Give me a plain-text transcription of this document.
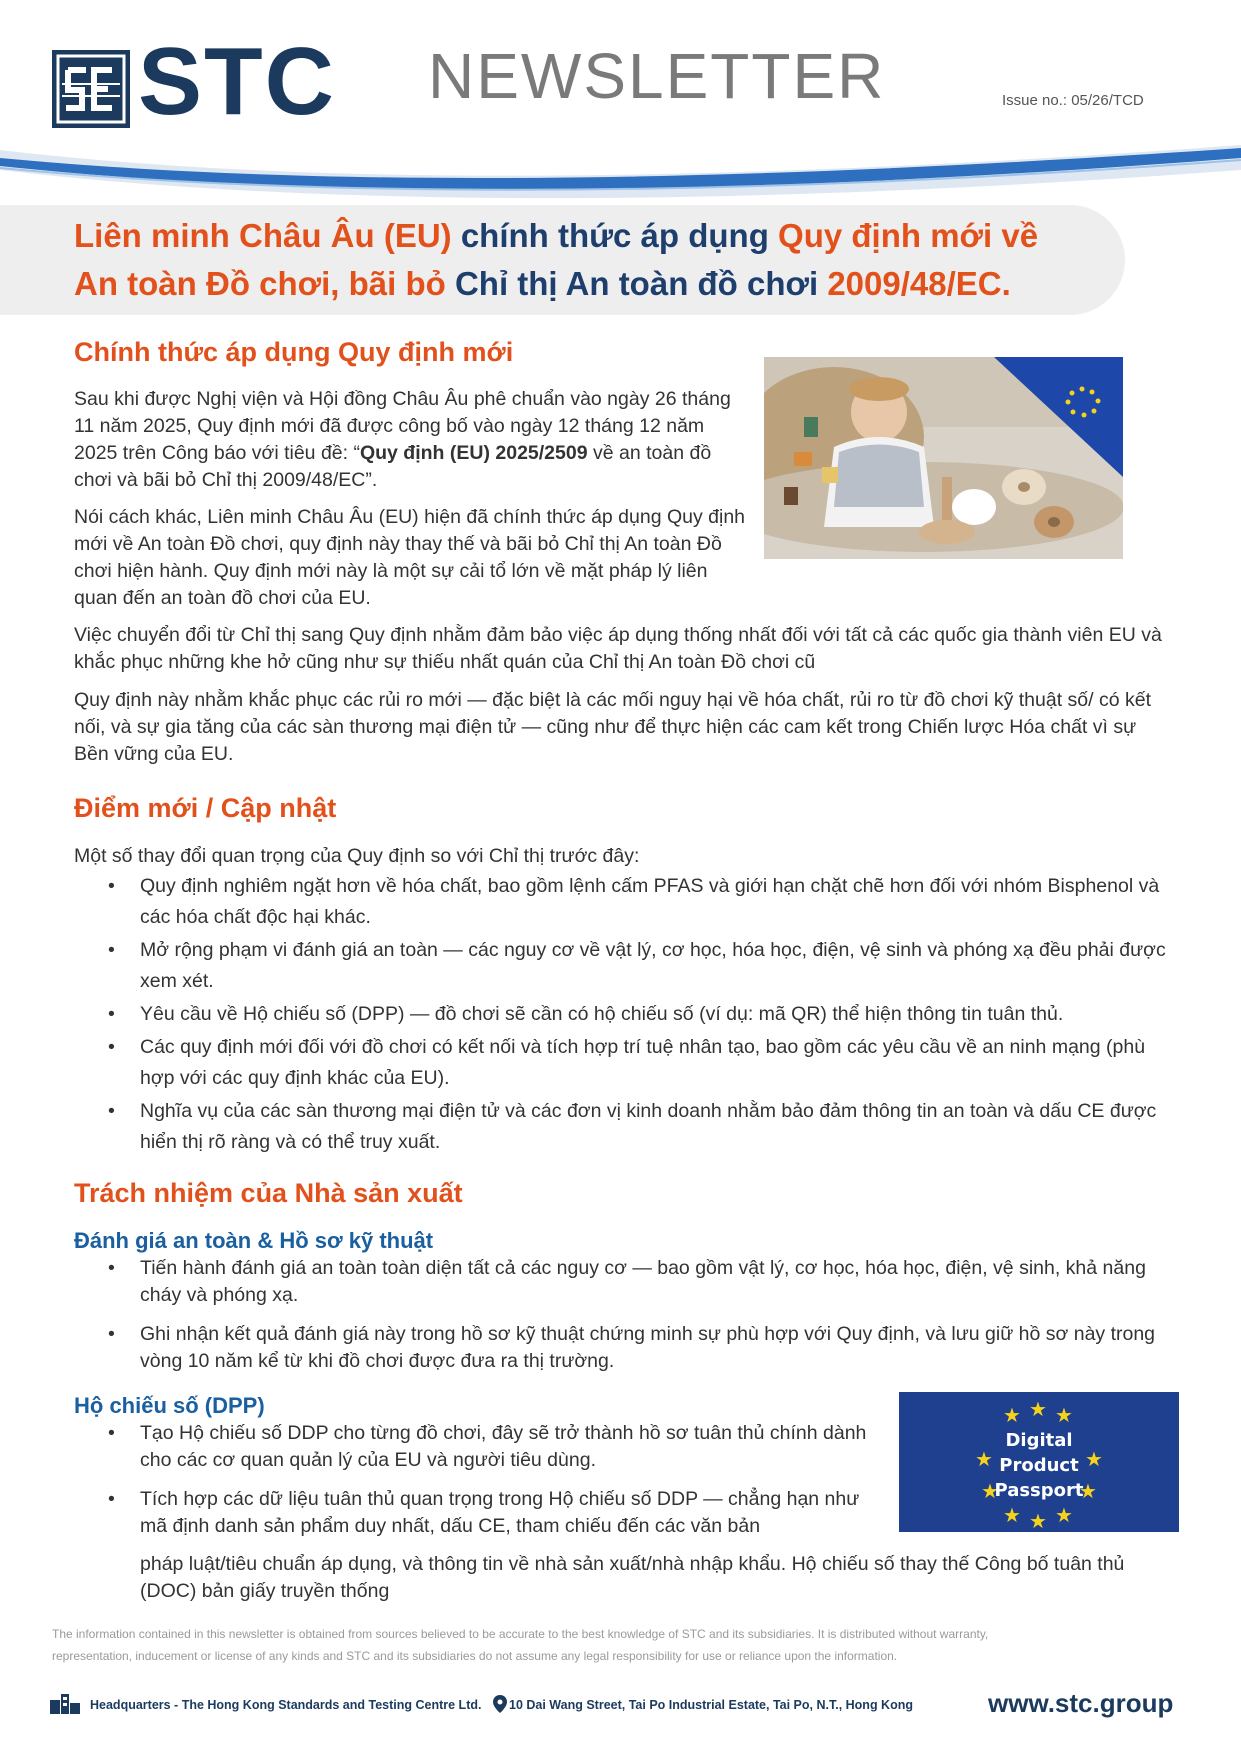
STC NEWSLETTER	Issue no.: 05/26/TCD
Liên minh Châu Âu (EU) chính thức áp dụng Quy định mới về
An toàn Đồ chơi, bãi bỏ Chỉ thị An toàn đồ chơi 2009/48/EC.
Chính thức áp dụng Quy định mới

Sau khi được Nghị viện và Hội đồng Châu Âu phê chuẩn vào ngày 26 tháng 11 năm 2025, Quy định mới đã được công bố vào ngày 12 tháng 12 năm 2025 trên Công báo với tiêu đề: “Quy định (EU) 2025/2509 về an toàn đồ chơi và bãi bỏ Chỉ thị 2009/48/EC”.

Nói cách khác, Liên minh Châu Âu (EU) hiện đã chính thức áp dụng Quy định mới về An toàn Đồ chơi, quy định này thay thế và bãi bỏ Chỉ thị An toàn Đồ chơi hiện hành. Quy định mới này là một sự cải tổ lớn về mặt pháp lý liên quan đến an toàn đồ chơi của EU.

Việc chuyển đổi từ Chỉ thị sang Quy định nhằm đảm bảo việc áp dụng thống nhất đối với tất cả các quốc gia thành viên EU và khắc phục những khe hở cũng như sự thiếu nhất quán của Chỉ thị An toàn Đồ chơi cũ

Quy định này nhằm khắc phục các rủi ro mới — đặc biệt là các mối nguy hại về hóa chất, rủi ro từ đồ chơi kỹ thuật số/ có kết nối, và sự gia tăng của các sàn thương mại điện tử — cũng như để thực hiện các cam kết trong Chiến lược Hóa chất vì sự Bền vững của EU.

Điểm mới / Cập nhật

Một số thay đổi quan trọng của Quy định so với Chỉ thị trước đây:

• Quy định nghiêm ngặt hơn về hóa chất, bao gồm lệnh cấm PFAS và giới hạn chặt chẽ hơn đối với nhóm Bisphenol và các hóa chất độc hại khác.
• Mở rộng phạm vi đánh giá an toàn — các nguy cơ về vật lý, cơ học, hóa học, điện, vệ sinh và phóng xạ đều phải được xem xét.
• Yêu cầu về Hộ chiếu số (DPP) — đồ chơi sẽ cần có hộ chiếu số (ví dụ: mã QR) thể hiện thông tin tuân thủ.
• Các quy định mới đối với đồ chơi có kết nối và tích hợp trí tuệ nhân tạo, bao gồm các yêu cầu về an ninh mạng (phù hợp với các quy định khác của EU).
• Nghĩa vụ của các sàn thương mại điện tử và các đơn vị kinh doanh nhằm bảo đảm thông tin an toàn và dấu CE được hiển thị rõ ràng và có thể truy xuất.
Trách nhiệm của Nhà sản xuất
Đánh giá an toàn & Hồ sơ kỹ thuật
• Tiến hành đánh giá an toàn toàn diện tất cả các nguy cơ — bao gồm vật lý, cơ học, hóa học, điện, vệ sinh, khả năng cháy và phóng xạ.
• Ghi nhận kết quả đánh giá này trong hồ sơ kỹ thuật chứng minh sự phù hợp với Quy định, và lưu giữ hồ sơ này trong vòng 10 năm kể từ khi đồ chơi được đưa ra thị trường.
Hộ chiếu số (DPP)
• Tạo Hộ chiếu số DDP cho từng đồ chơi, đây sẽ trở thành hồ sơ tuân thủ chính dành cho các cơ quan quản lý của EU và người tiêu dùng.
• Tích hợp các dữ liệu tuân thủ quan trọng trong Hộ chiếu số DDP — chẳng hạn như mã định danh sản phẩm duy nhất, dấu CE, tham chiếu đến các văn bản

pháp luật/tiêu chuẩn áp dụng, và thông tin về nhà sản xuất/nhà nhập khẩu. Hộ chiếu số thay thế Công bố tuân thủ (DOC) bản giấy truyền thống

★ ★ ★
★	★
★	★
★ ★ ★
Digital
Product
Passport
The information contained in this newsletter is obtained from sources believed to be accurate to the best knowledge of STC and its subsidiaries. It is distributed without warranty, representation, inducement or license of any kinds and STC and its subsidiaries do not assume any legal responsibility for use or reliance upon the information.
Headquarters - The Hong Kong Standards and Testing Centre Ltd. 10 Dai Wang Street, Tai Po Industrial Estate, Tai Po, N.T., Hong Kong	www.stc.group
